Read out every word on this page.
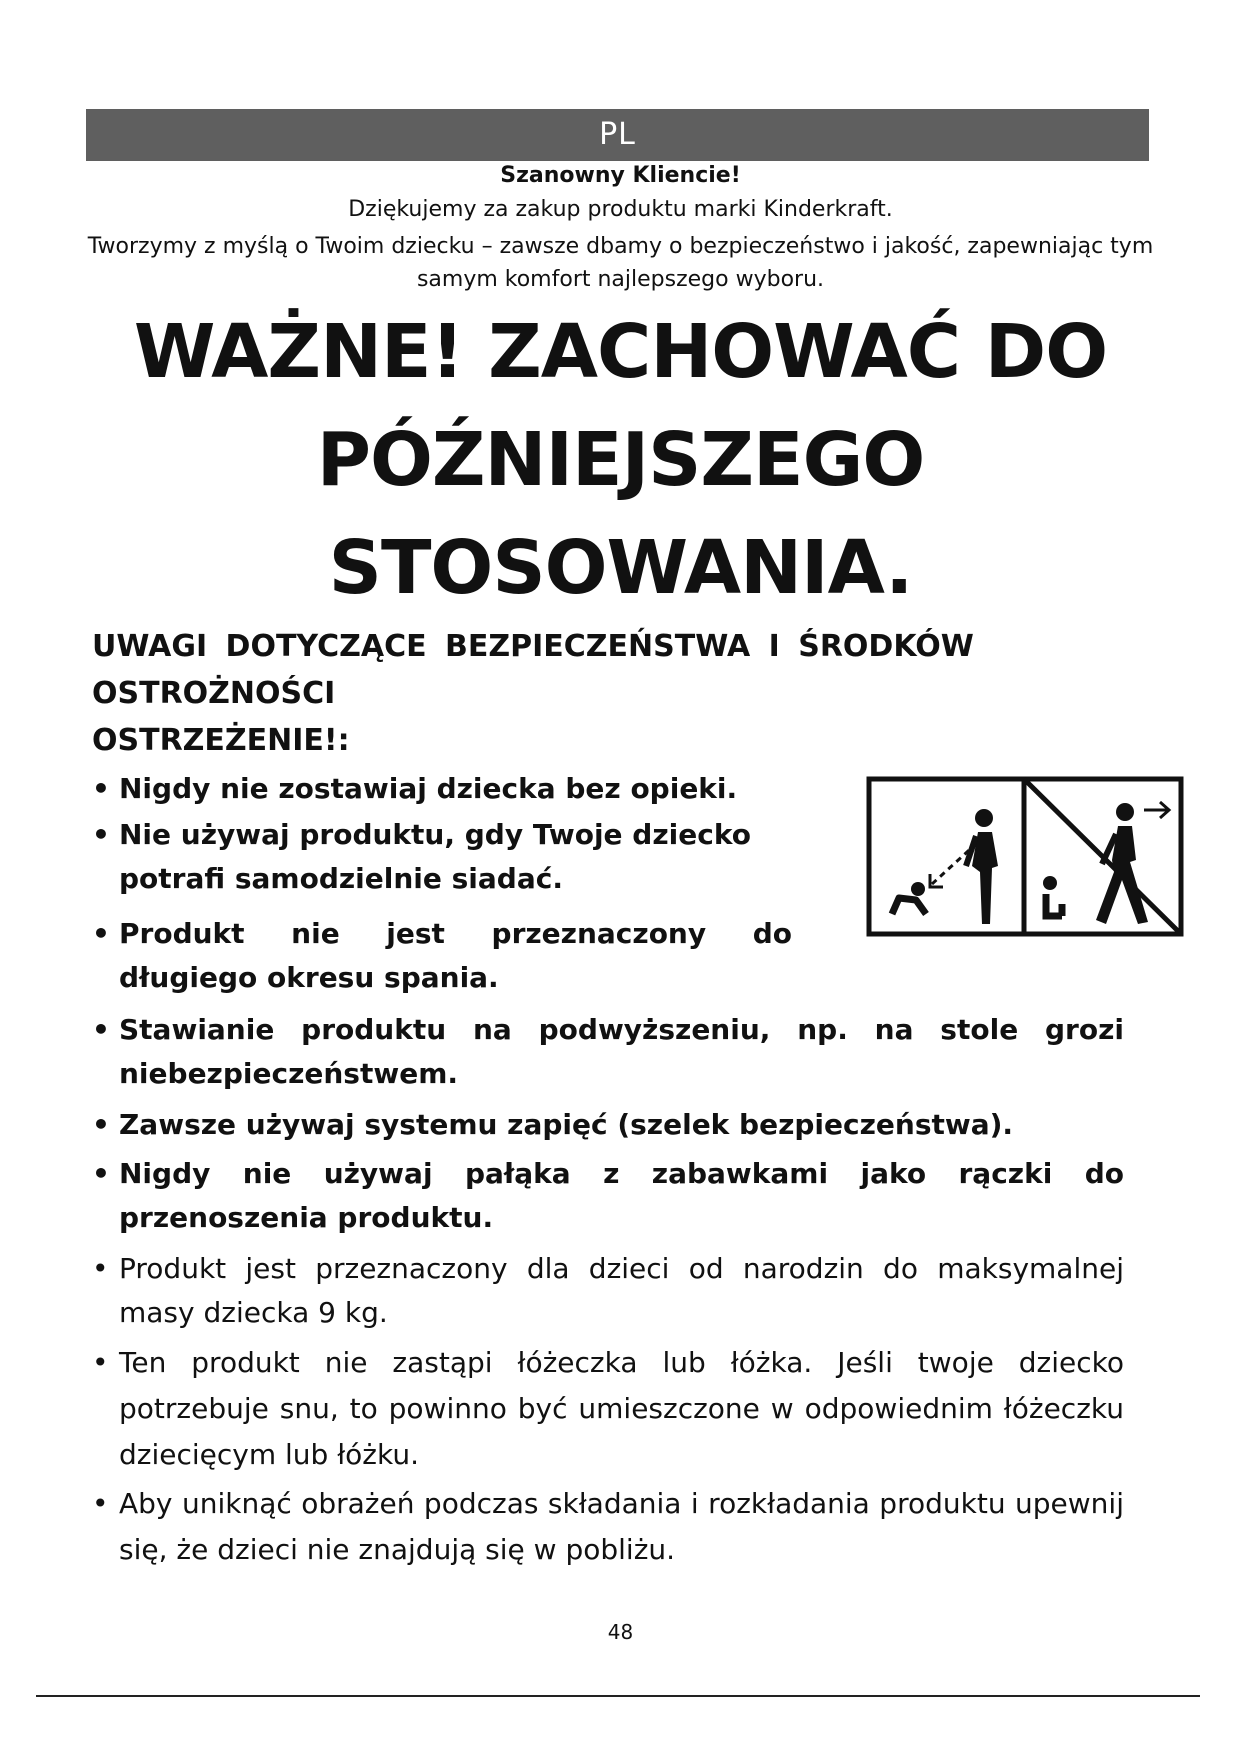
PL
Szanowny Kliencie!
Dziękujemy za zakup produktu marki Kinderkraft.
Tworzymy z myślą o Twoim dziecku – zawsze dbamy o bezpieczeństwo i jakość, zapewniając tym samym komfort najlepszego wyboru.
WAŻNE! ZACHOWAĆ DO
PÓŹNIEJSZEGO
STOSOWANIA.
UWAGI DOTYCZĄCE BEZPIECZEŃSTWA I ŚRODKÓW
OSTROŻNOŚCI
OSTRZEŻENIE!:
• Nigdy nie zostawiaj dziecka bez opieki.
• Nie używaj produktu, gdy Twoje dziecko potrafi samodzielnie siadać.
• Produkt nie jest przeznaczony do długiego okresu spania.
• Stawianie produktu na podwyższeniu, np. na stole grozi niebezpieczeństwem.
• Zawsze używaj systemu zapięć (szelek bezpieczeństwa).
• Nigdy nie używaj pałąka z zabawkami jako rączki do przenoszenia produktu.
• Produkt jest przeznaczony dla dzieci od narodzin do maksymalnej masy dziecka 9 kg.
• Ten produkt nie zastąpi łóżeczka lub łóżka. Jeśli twoje dziecko potrzebuje snu, to powinno być umieszczone w odpowiednim łóżeczku dziecięcym lub łóżku.
• Aby uniknąć obrażeń podczas składania i rozkładania produktu upewnij się, że dzieci nie znajdują się w pobliżu.
48
